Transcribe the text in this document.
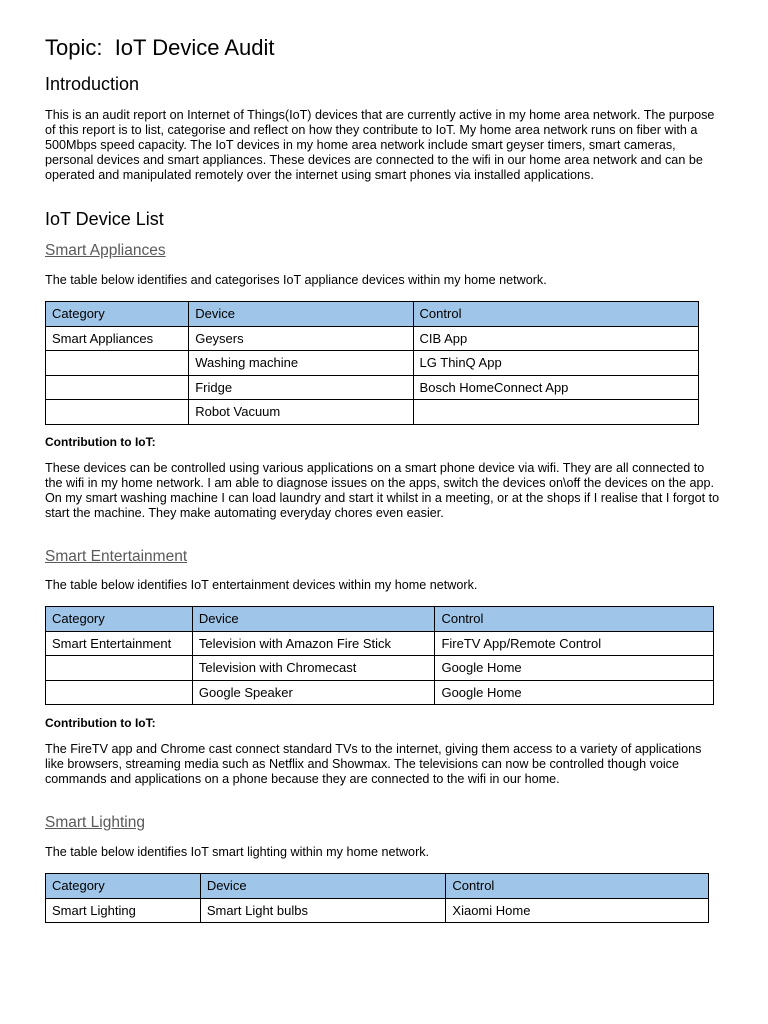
Topic:  IoT Device Audit
Introduction

This is an audit report on Internet of Things(IoT) devices that are currently active in my home area network. The purpose of this report is to list, categorise and reflect on how they contribute to IoT. My home area network runs on fiber with a 500Mbps speed capacity. The IoT devices in my home area network include smart geyser timers, smart cameras, personal devices and smart appliances. These devices are connected to the wifi in our home area network and can be operated and manipulated remotely over the internet using smart phones via installed applications.

IoT Device List
Smart Appliances

The table below identifies and categorises IoT appliance devices within my home network.

Category	Device	Control
Smart Appliances	Geysers	CIB App
	Washing machine	LG ThinQ App
	Fridge	Bosch HomeConnect App
	Robot Vacuum	

Contribution to IoT:

These devices can be controlled using various applications on a smart phone device via wifi. They are all connected to the wifi in my home network. I am able to diagnose issues on the apps, switch the devices on\off the devices on the app. On my smart washing machine I can load laundry and start it whilst in a meeting, or at the shops if I realise that I forgot to start the machine. They make automating everyday chores even easier.

Smart Entertainment

The table below identifies IoT entertainment devices within my home network.

Category	Device	Control
Smart Entertainment	Television with Amazon Fire Stick	FireTV App/Remote Control
	Television with Chromecast	Google Home
	Google Speaker	Google Home

Contribution to IoT:

The FireTV app and Chrome cast connect standard TVs to the internet, giving them access to a variety of applications like browsers, streaming media such as Netflix and Showmax. The televisions can now be controlled though voice commands and applications on a phone because they are connected to the wifi in our home.

Smart Lighting

The table below identifies IoT smart lighting within my home network.

Category	Device	Control
Smart Lighting	Smart Light bulbs	Xiaomi Home
